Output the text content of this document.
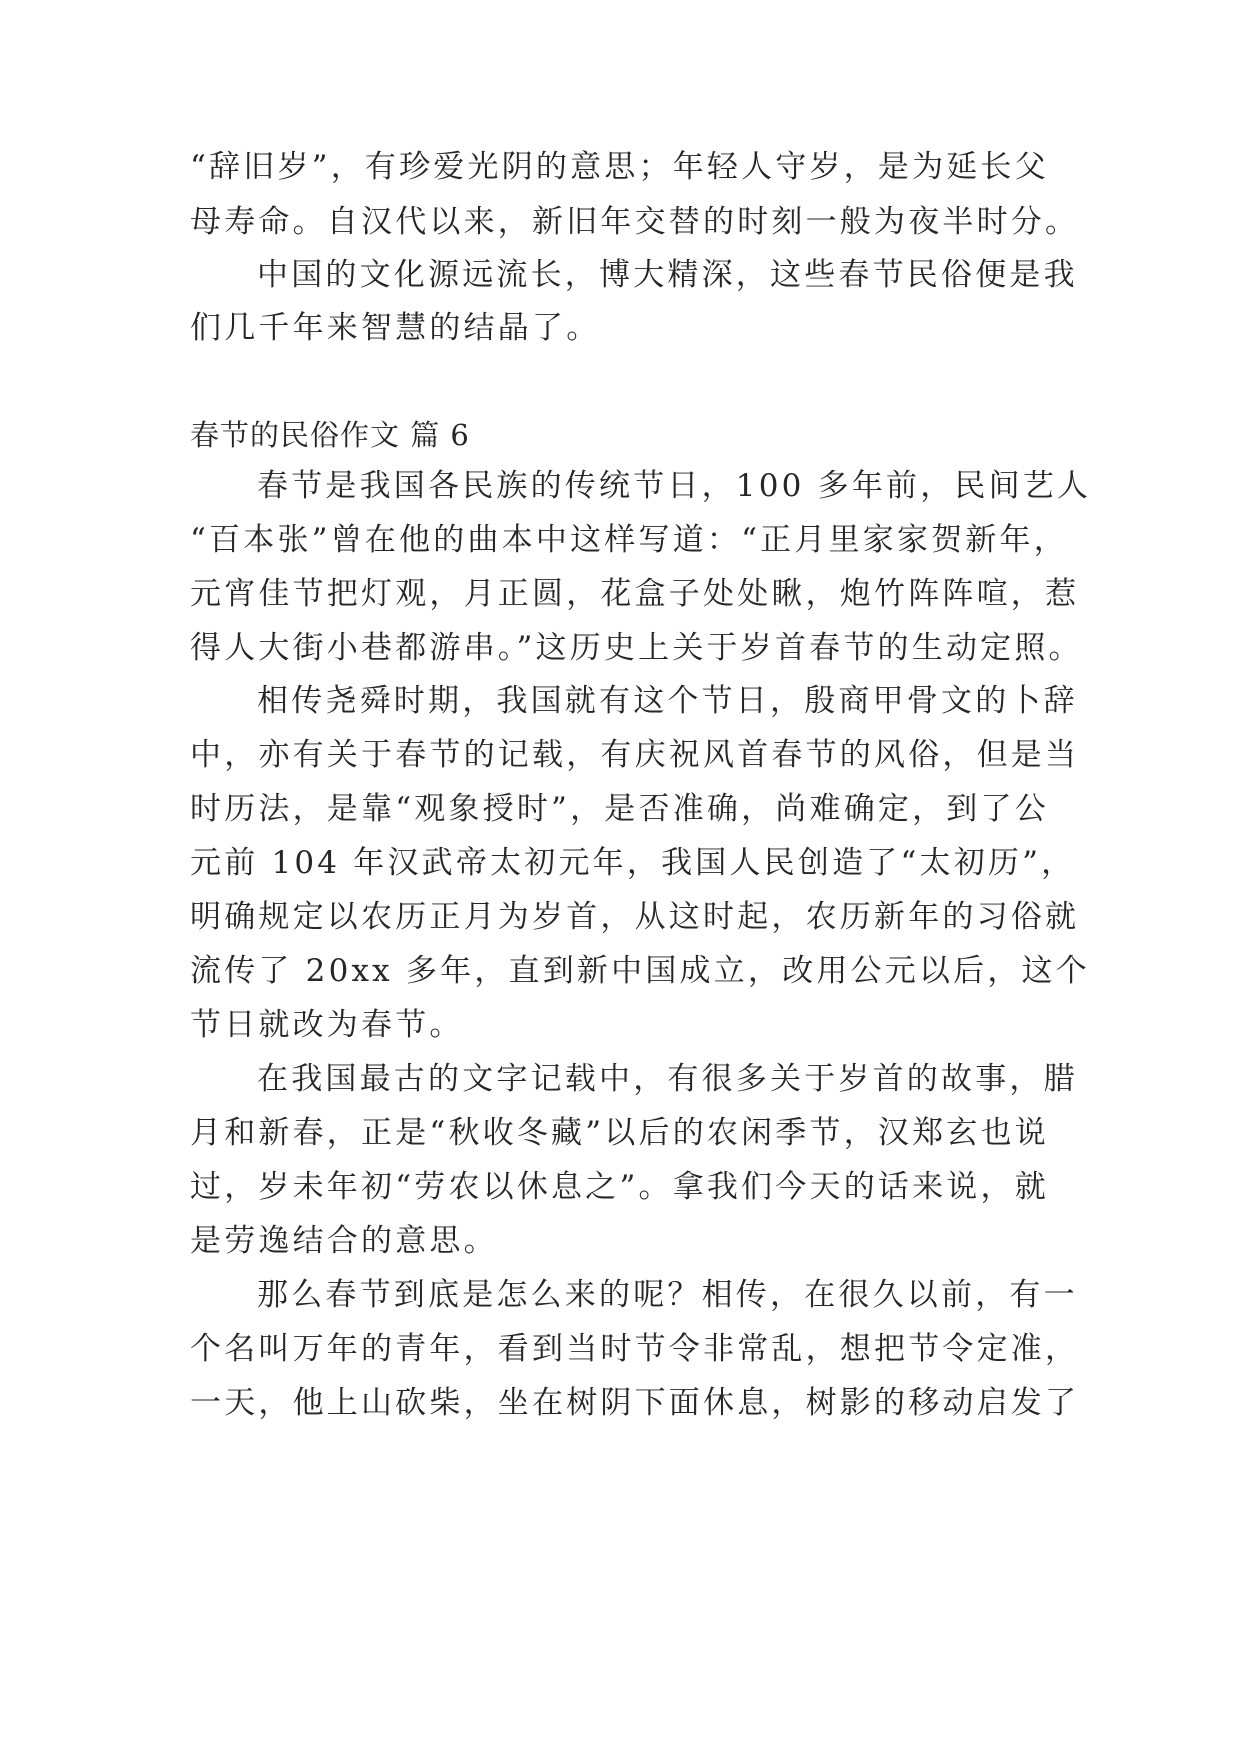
“辞旧岁”，有珍爱光阴的意思；年轻人守岁，是为延长父
母寿命。自汉代以来，新旧年交替的时刻一般为夜半时分。
中国的文化源远流长，博大精深，这些春节民俗便是我
们几千年来智慧的结晶了。
春节的民俗作文 篇 6
春节是我国各民族的传统节日，100 多年前，民间艺人
“百本张”曾在他的曲本中这样写道：“正月里家家贺新年，
元宵佳节把灯观，月正圆，花盒子处处瞅，炮竹阵阵喧，惹
得人大街小巷都游串。”这历史上关于岁首春节的生动定照。
相传尧舜时期，我国就有这个节日，殷商甲骨文的卜辞
中，亦有关于春节的记载，有庆祝风首春节的风俗，但是当
时历法，是靠“观象授时”，是否准确，尚难确定，到了公
元前 104 年汉武帝太初元年，我国人民创造了“太初历”，
明确规定以农历正月为岁首，从这时起，农历新年的习俗就
流传了 20xx 多年，直到新中国成立，改用公元以后，这个
节日就改为春节。
在我国最古的文字记载中，有很多关于岁首的故事，腊
月和新春，正是“秋收冬藏”以后的农闲季节，汉郑玄也说
过，岁未年初“劳农以休息之”。拿我们今天的话来说，就
是劳逸结合的意思。
那么春节到底是怎么来的呢？相传，在很久以前，有一
个名叫万年的青年，看到当时节令非常乱，想把节令定准，
一天，他上山砍柴，坐在树阴下面休息，树影的移动启发了
